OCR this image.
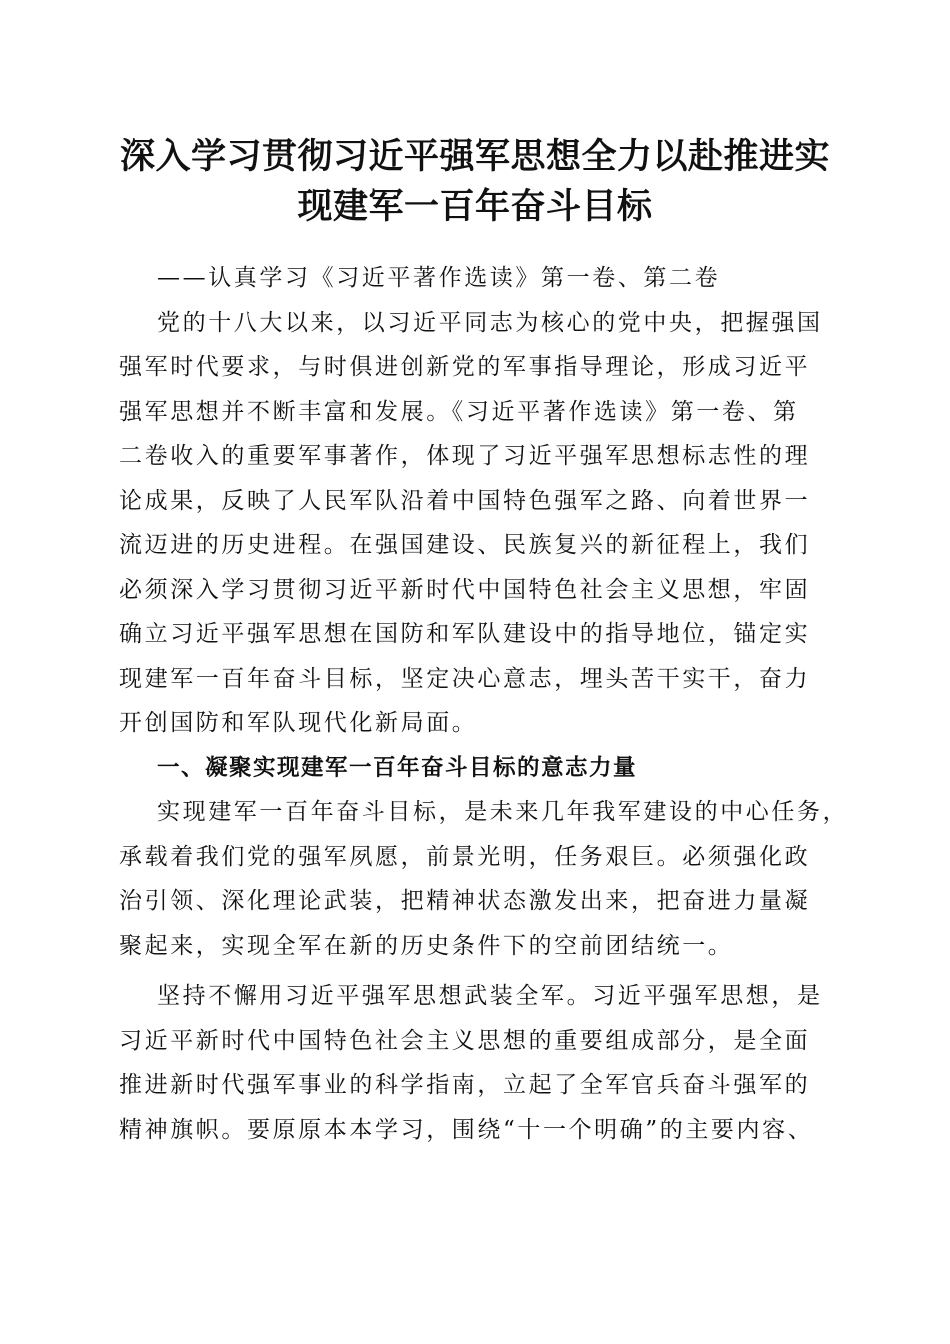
深入学习贯彻习近平强军思想全力以赴推进实
现建军一百年奋斗目标
——认真学习《习近平著作选读》第一卷、第二卷
党的十八大以来，以习近平同志为核心的党中央，把握强国
强军时代要求，与时俱进创新党的军事指导理论，形成习近平
强军思想并不断丰富和发展。《习近平著作选读》第一卷、第
二卷收入的重要军事著作，体现了习近平强军思想标志性的理
论成果，反映了人民军队沿着中国特色强军之路、向着世界一
流迈进的历史进程。在强国建设、民族复兴的新征程上，我们
必须深入学习贯彻习近平新时代中国特色社会主义思想，牢固
确立习近平强军思想在国防和军队建设中的指导地位，锚定实
现建军一百年奋斗目标，坚定决心意志，埋头苦干实干，奋力
开创国防和军队现代化新局面。
一、凝聚实现建军一百年奋斗目标的意志力量
实现建军一百年奋斗目标，是未来几年我军建设的中心任务，
承载着我们党的强军夙愿，前景光明，任务艰巨。必须强化政
治引领、深化理论武装，把精神状态激发出来，把奋进力量凝
聚起来，实现全军在新的历史条件下的空前团结统一。
坚持不懈用习近平强军思想武装全军。习近平强军思想，是
习近平新时代中国特色社会主义思想的重要组成部分，是全面
推进新时代强军事业的科学指南，立起了全军官兵奋斗强军的
精神旗帜。要原原本本学习，围绕“十一个明确”的主要内容、
